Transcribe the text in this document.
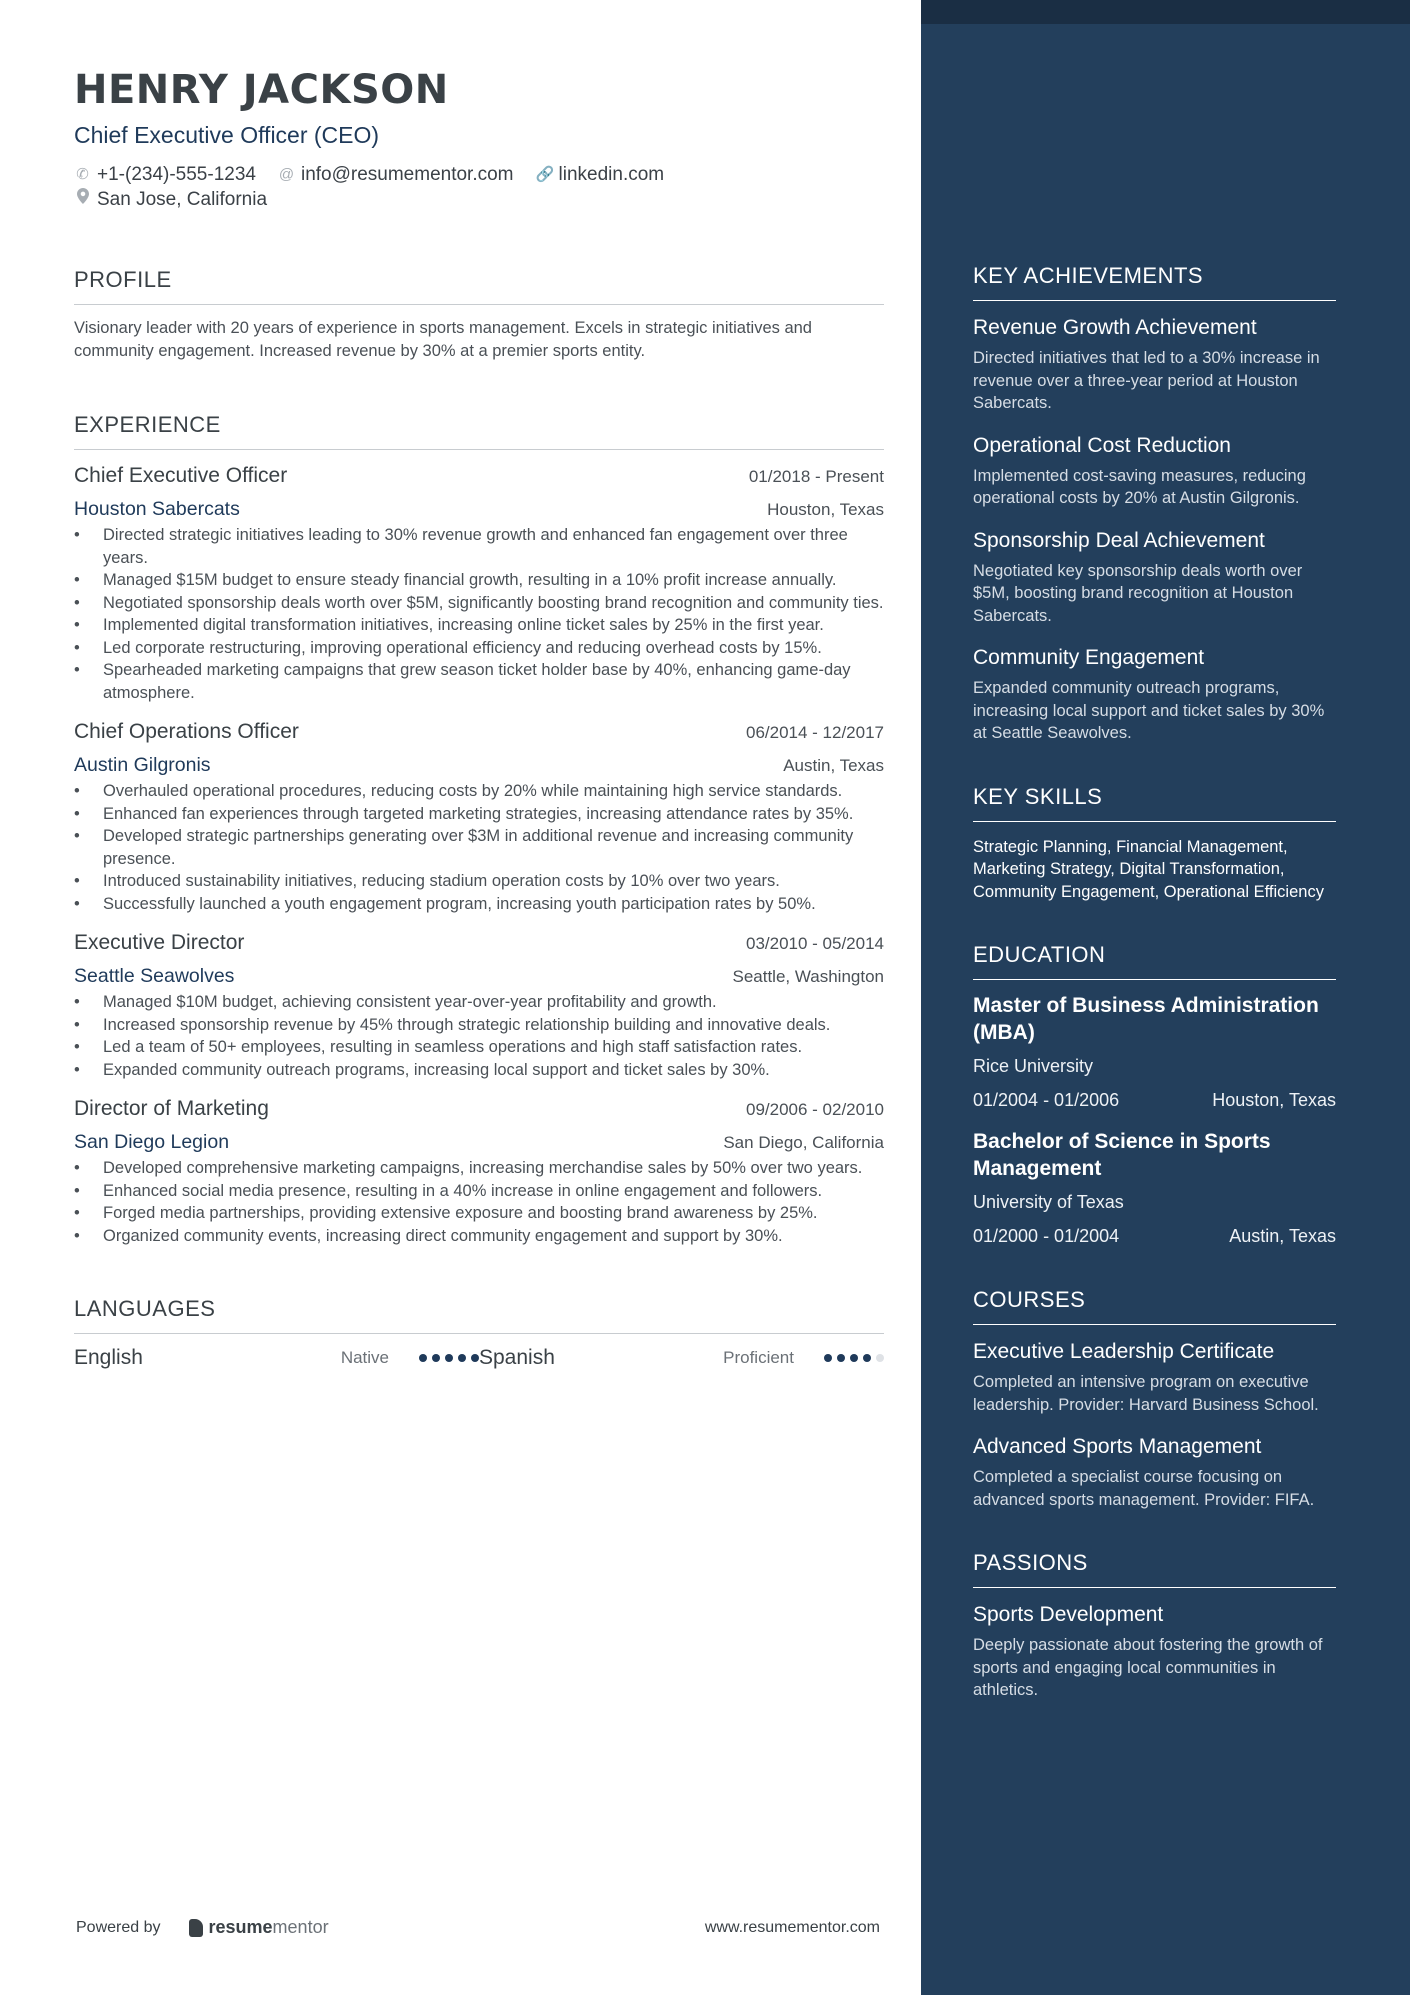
HENRY JACKSON
Chief Executive Officer (CEO)
✆ +1-(234)-555-1234 @ info@resumementor.com 🔗 linkedin.com
San Jose, California
PROFILE
Visionary leader with 20 years of experience in sports management. Excels in strategic initiatives and community engagement. Increased revenue by 30% at a premier sports entity.
EXPERIENCE
Chief Executive Officer	01/2018 - Present
Houston Sabercats	Houston, Texas
• Directed strategic initiatives leading to 30% revenue growth and enhanced fan engagement over three years.
• Managed $15M budget to ensure steady financial growth, resulting in a 10% profit increase annually.
• Negotiated sponsorship deals worth over $5M, significantly boosting brand recognition and community ties.
• Implemented digital transformation initiatives, increasing online ticket sales by 25% in the first year.
• Led corporate restructuring, improving operational efficiency and reducing overhead costs by 15%.
• Spearheaded marketing campaigns that grew season ticket holder base by 40%, enhancing game-day atmosphere.
Chief Operations Officer	06/2014 - 12/2017
Austin Gilgronis	Austin, Texas
• Overhauled operational procedures, reducing costs by 20% while maintaining high service standards.
• Enhanced fan experiences through targeted marketing strategies, increasing attendance rates by 35%.
• Developed strategic partnerships generating over $3M in additional revenue and increasing community presence.
• Introduced sustainability initiatives, reducing stadium operation costs by 10% over two years.
• Successfully launched a youth engagement program, increasing youth participation rates by 50%.
Executive Director	03/2010 - 05/2014
Seattle Seawolves	Seattle, Washington
• Managed $10M budget, achieving consistent year-over-year profitability and growth.
• Increased sponsorship revenue by 45% through strategic relationship building and innovative deals.
• Led a team of 50+ employees, resulting in seamless operations and high staff satisfaction rates.
• Expanded community outreach programs, increasing local support and ticket sales by 30%.
Director of Marketing	09/2006 - 02/2010
San Diego Legion	San Diego, California
• Developed comprehensive marketing campaigns, increasing merchandise sales by 50% over two years.
• Enhanced social media presence, resulting in a 40% increase in online engagement and followers.
• Forged media partnerships, providing extensive exposure and boosting brand awareness by 25%.
• Organized community events, increasing direct community engagement and support by 30%.
LANGUAGES
English	Native	Spanish	Proficient
Powered by	resumementor	www.resumementor.com
KEY ACHIEVEMENTS
Revenue Growth Achievement
Directed initiatives that led to a 30% increase in revenue over a three-year period at Houston Sabercats.
Operational Cost Reduction
Implemented cost-saving measures, reducing operational costs by 20% at Austin Gilgronis.
Sponsorship Deal Achievement
Negotiated key sponsorship deals worth over $5M, boosting brand recognition at Houston Sabercats.
Community Engagement
Expanded community outreach programs, increasing local support and ticket sales by 30% at Seattle Seawolves.
KEY SKILLS
Strategic Planning, Financial Management, Marketing Strategy, Digital Transformation, Community Engagement, Operational Efficiency
EDUCATION
Master of Business Administration (MBA)
Rice University
01/2004 - 01/2006	Houston, Texas
Bachelor of Science in Sports Management
University of Texas
01/2000 - 01/2004	Austin, Texas
COURSES
Executive Leadership Certificate
Completed an intensive program on executive leadership. Provider: Harvard Business School.
Advanced Sports Management
Completed a specialist course focusing on advanced sports management. Provider: FIFA.
PASSIONS
Sports Development
Deeply passionate about fostering the growth of sports and engaging local communities in athletics.
